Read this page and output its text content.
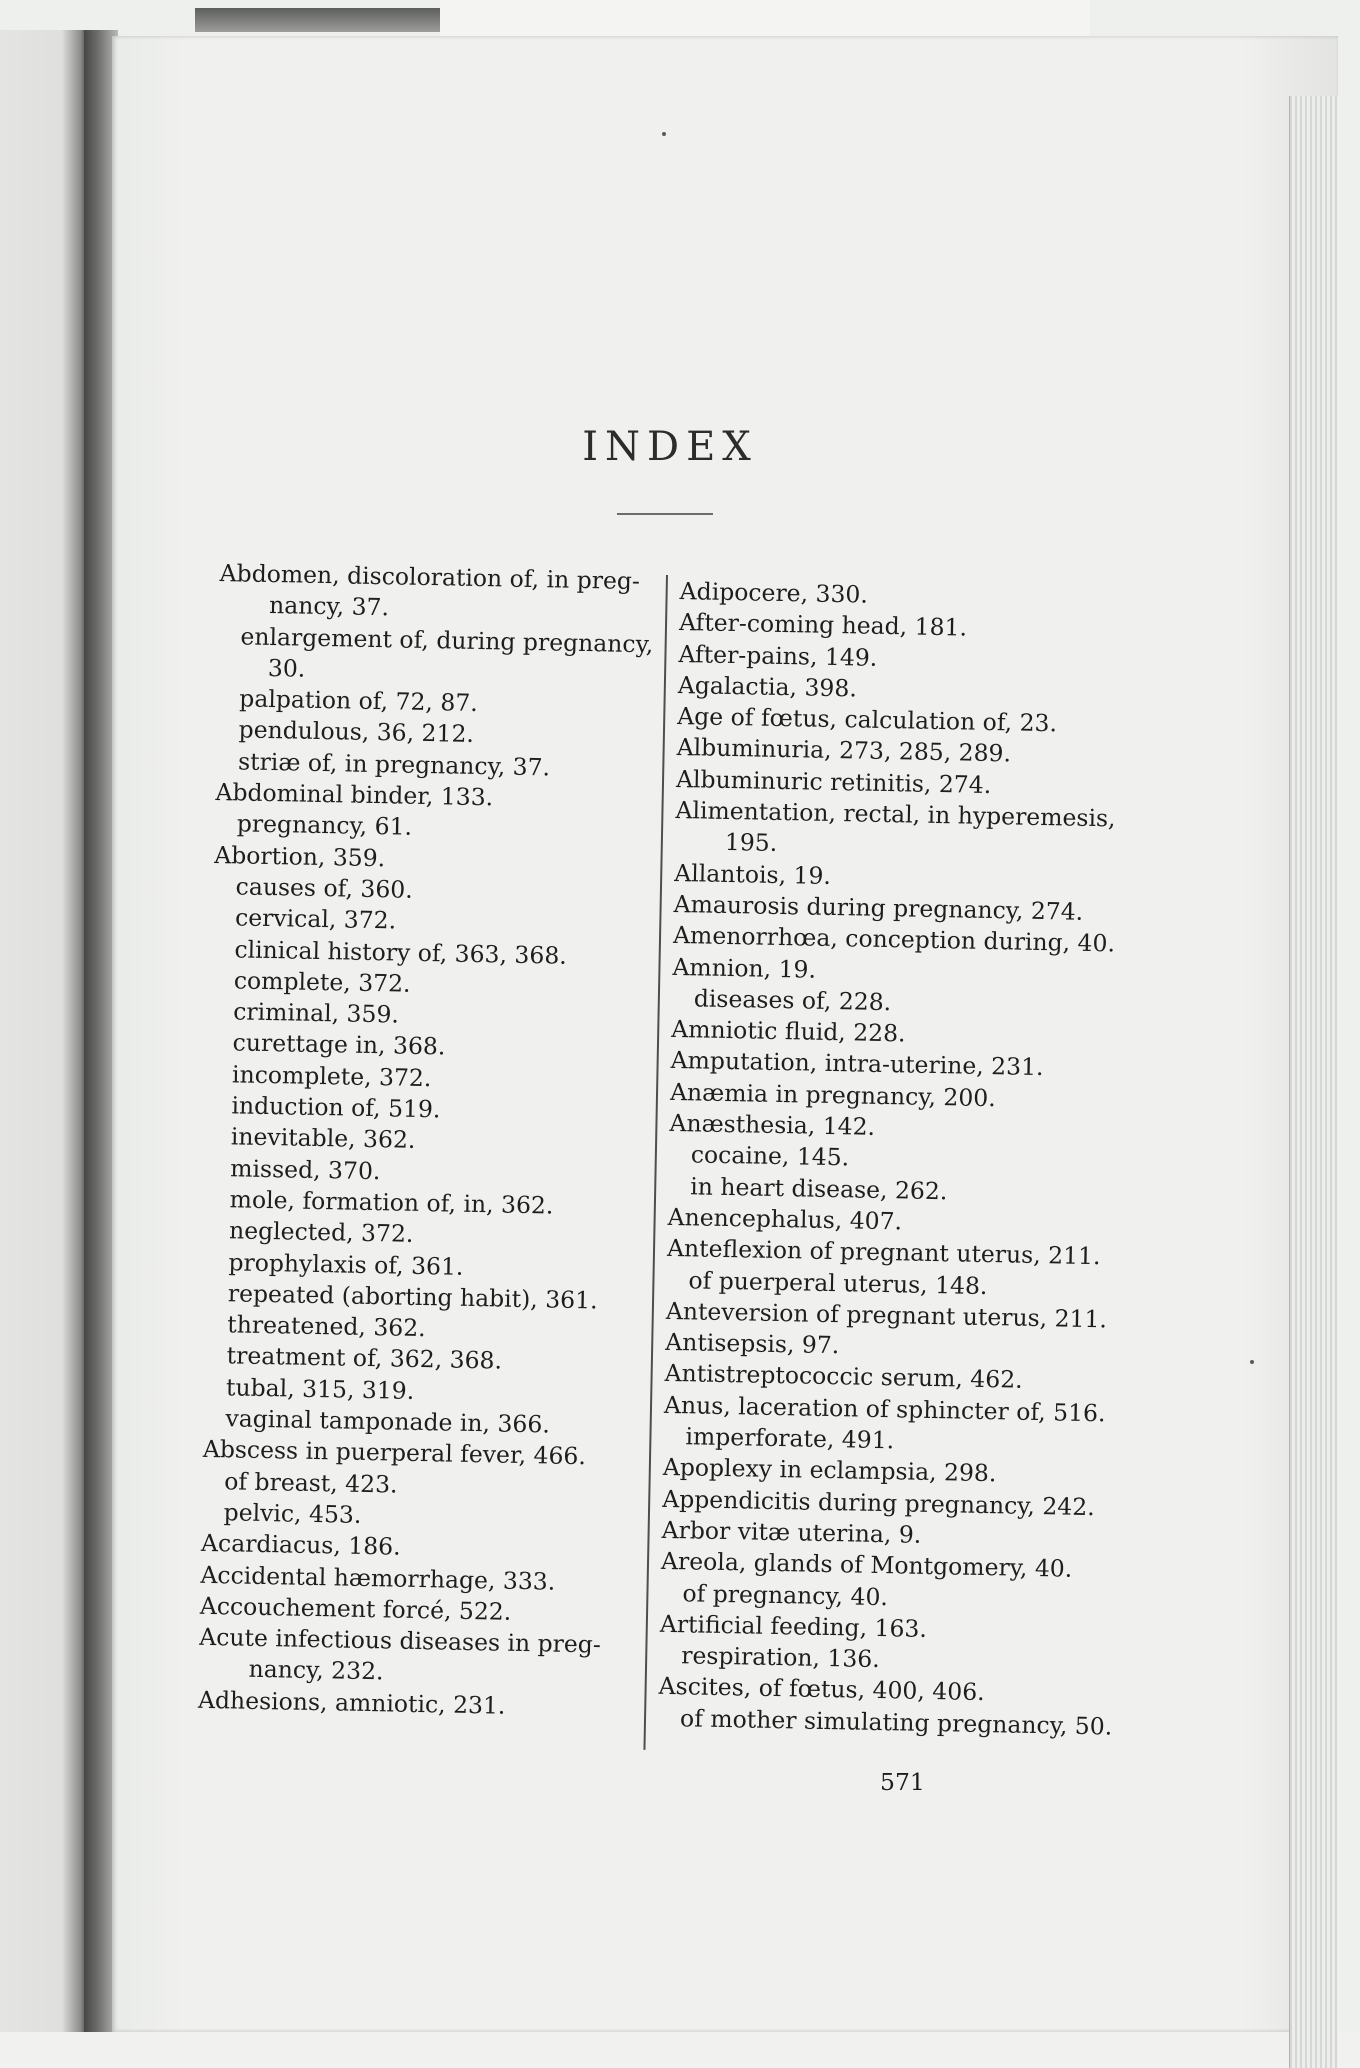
INDEX
Abdomen, discoloration of, in preg-
nancy, 37.
enlargement of, during pregnancy,
30.
palpation of, 72, 87.
pendulous, 36, 212.
striæ of, in pregnancy, 37.
Abdominal binder, 133.
pregnancy, 61.
Abortion, 359.
causes of, 360.
cervical, 372.
clinical history of, 363, 368.
complete, 372.
criminal, 359.
curettage in, 368.
incomplete, 372.
induction of, 519.
inevitable, 362.
missed, 370.
mole, formation of, in, 362.
neglected, 372.
prophylaxis of, 361.
repeated (aborting habit), 361.
threatened, 362.
treatment of, 362, 368.
tubal, 315, 319.
vaginal tamponade in, 366.
Abscess in puerperal fever, 466.
of breast, 423.
pelvic, 453.
Acardiacus, 186.
Accidental hæmorrhage, 333.
Accouchement forcé, 522.
Acute infectious diseases in preg-
nancy, 232.
Adhesions, amniotic, 231.
Adipocere, 330.
After-coming head, 181.
After-pains, 149.
Agalactia, 398.
Age of fœtus, calculation of, 23.
Albuminuria, 273, 285, 289.
Albuminuric retinitis, 274.
Alimentation, rectal, in hyperemesis,
195.
Allantois, 19.
Amaurosis during pregnancy, 274.
Amenorrhœa, conception during, 40.
Amnion, 19.
diseases of, 228.
Amniotic fluid, 228.
Amputation, intra-uterine, 231.
Anæmia in pregnancy, 200.
Anæsthesia, 142.
cocaine, 145.
in heart disease, 262.
Anencephalus, 407.
Anteflexion of pregnant uterus, 211.
of puerperal uterus, 148.
Anteversion of pregnant uterus, 211.
Antisepsis, 97.
Antistreptococcic serum, 462.
Anus, laceration of sphincter of, 516.
imperforate, 491.
Apoplexy in eclampsia, 298.
Appendicitis during pregnancy, 242.
Arbor vitæ uterina, 9.
Areola, glands of Montgomery, 40.
of pregnancy, 40.
Artificial feeding, 163.
respiration, 136.
Ascites, of fœtus, 400, 406.
of mother simulating pregnancy, 50.
571
